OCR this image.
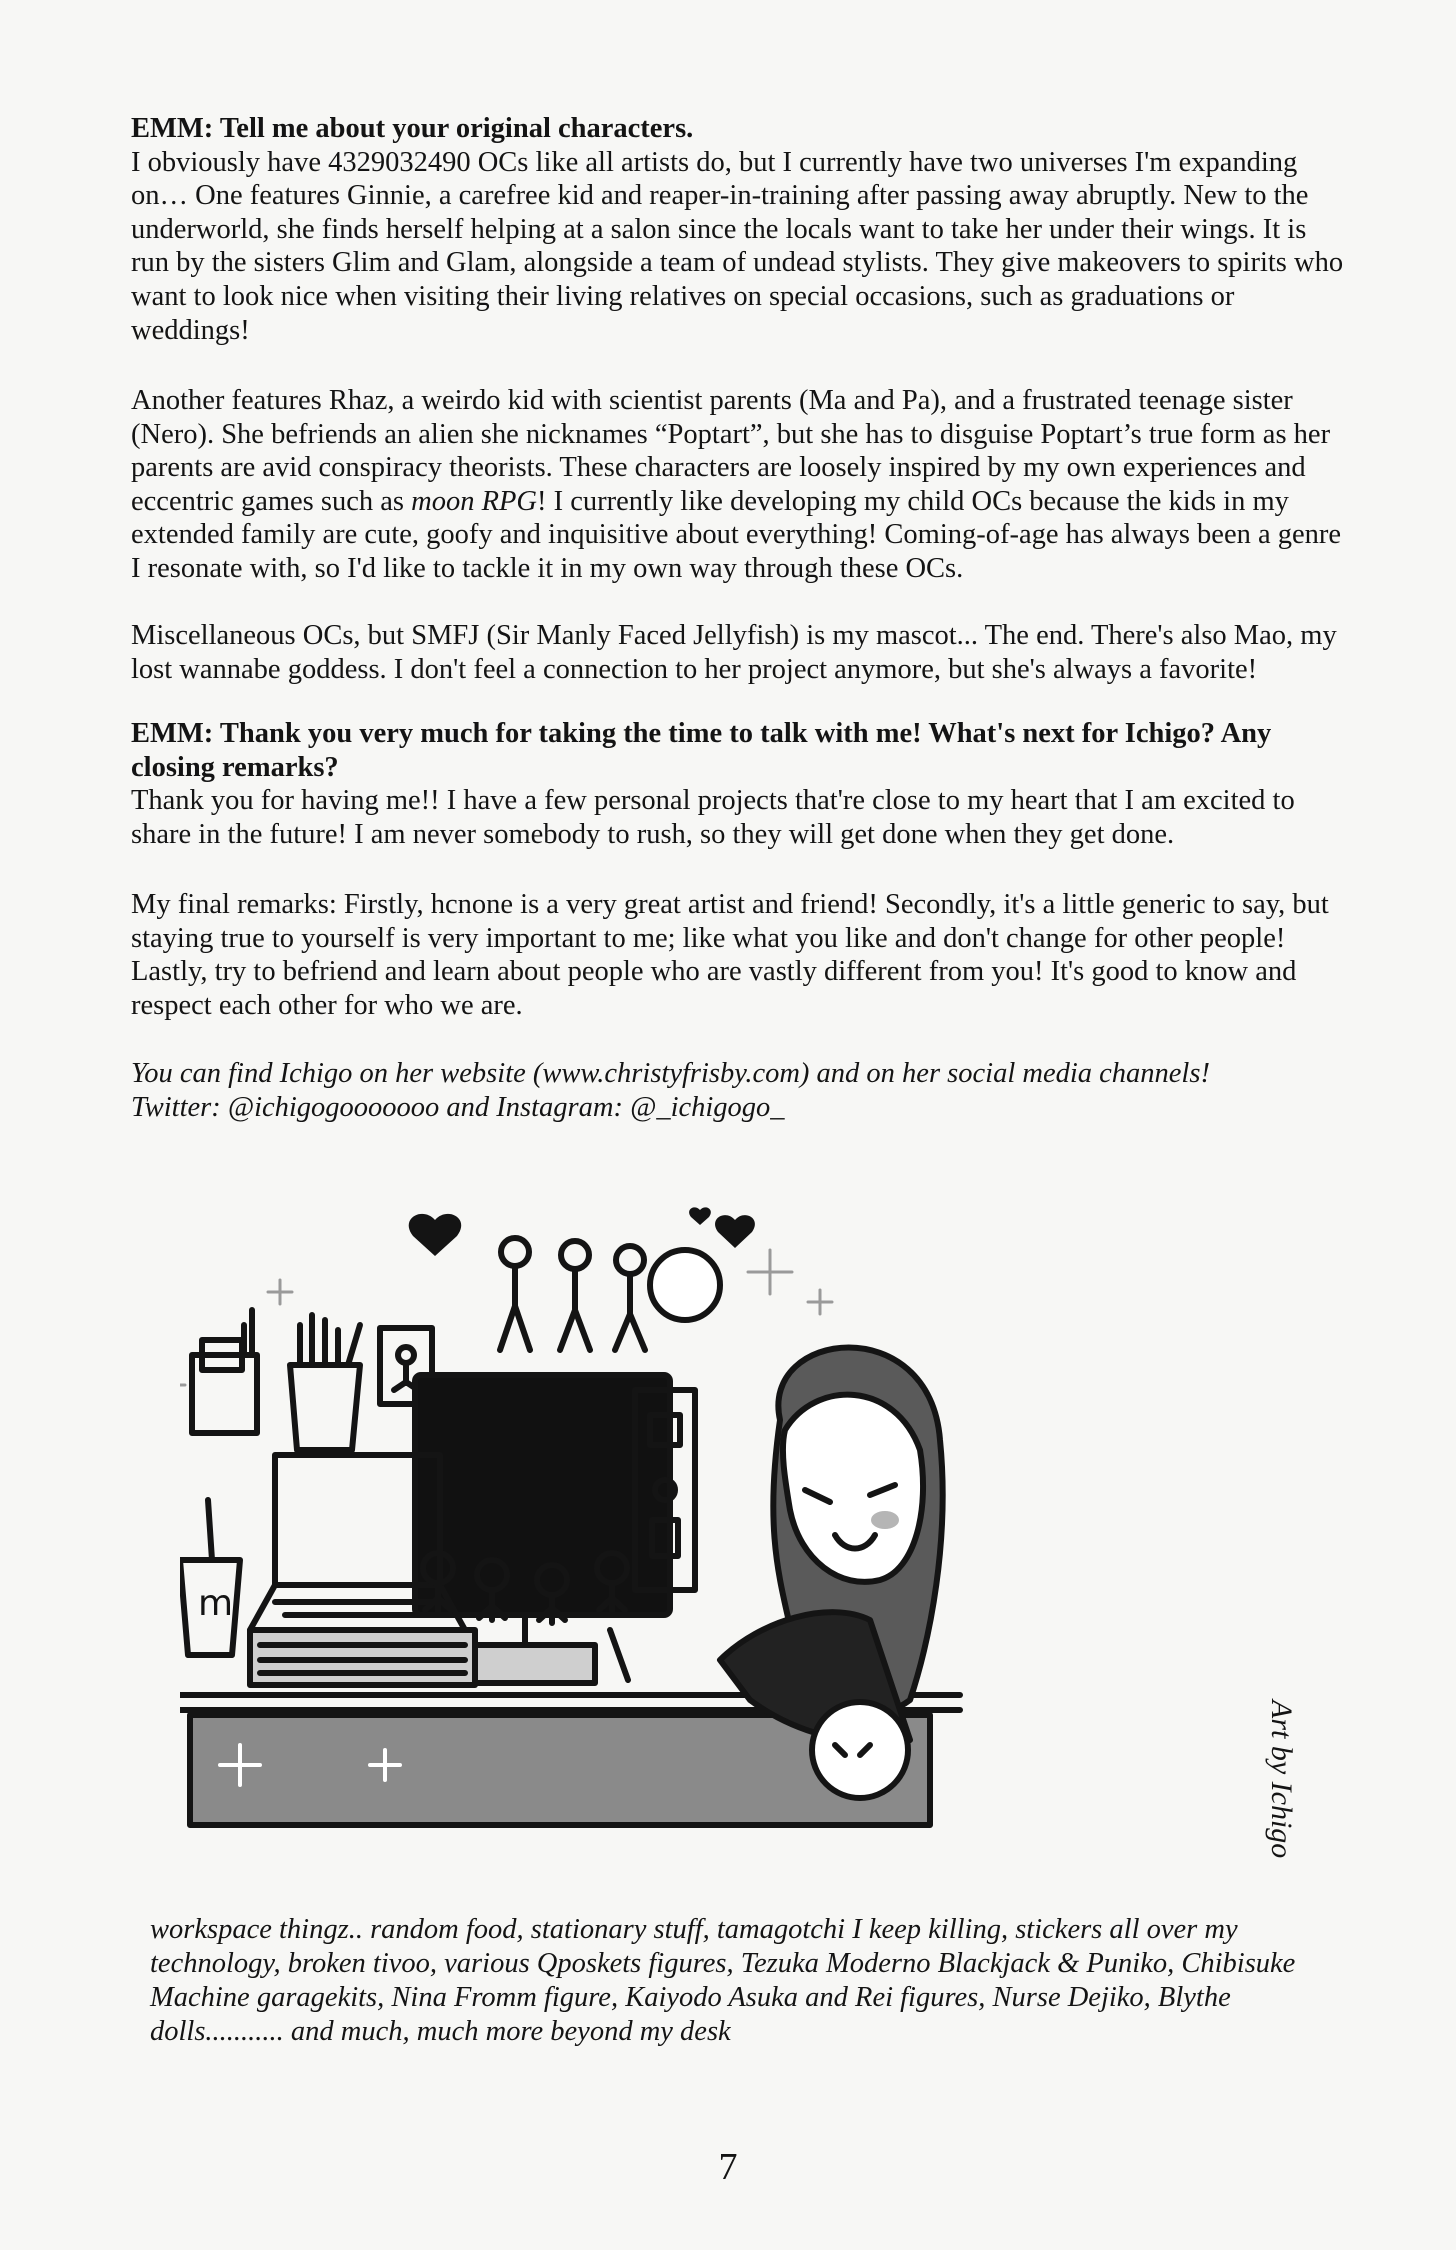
EMM: Tell me about your original characters.

I obviously have 4329032490 OCs like all artists do, but I currently have two universes I'm expanding on… One features Ginnie, a carefree kid and reaper-in-training after passing away abruptly. New to the underworld, she finds herself helping at a salon since the locals want to take her under their wings. It is run by the sisters Glim and Glam, alongside a team of undead stylists. They give makeovers to spirits who want to look nice when visiting their living relatives on special occasions, such as graduations or weddings!

Another features Rhaz, a weirdo kid with scientist parents (Ma and Pa), and a frustrated teenage sister (Nero). She befriends an alien she nicknames “Poptart”, but she has to disguise Poptart’s true form as her parents are avid conspiracy theorists. These characters are loosely inspired by my own experiences and eccentric games such as moon RPG! I currently like developing my child OCs because the kids in my extended family are cute, goofy and inquisitive about everything! Coming-of-age has always been a genre I resonate with, so I'd like to tackle it in my own way through these OCs.

Miscellaneous OCs, but SMFJ (Sir Manly Faced Jellyfish) is my mascot... The end. There's also Mao, my lost wannabe goddess. I don't feel a connection to her project anymore, but she's always a favorite!

EMM: Thank you very much for taking the time to talk with me! What's next for Ichigo? Any closing remarks?

Thank you for having me!! I have a few personal projects that're close to my heart that I am excited to share in the future! I am never somebody to rush, so they will get done when they get done.

My final remarks: Firstly, hcnone is a very great artist and friend! Secondly, it's a little generic to say, but staying true to yourself is very important to me; like what you like and don't change for other people! Lastly, try to befriend and learn about people who are vastly different from you! It's good to know and respect each other for who we are.

You can find Ichigo on her website (www.christyfrisby.com) and on her social media channels!

Twitter: @ichigogooooooo and Instagram: @_ichigogo_

m
Art by Ichigo
workspace thingz.. random food, stationary stuff, tamagotchi I keep killing, stickers all over my technology, broken tivoo, various Qposkets figures, Tezuka Moderno Blackjack & Puniko, Chibisuke Machine garagekits, Nina Fromm figure, Kaiyodo Asuka and Rei figures, Nurse Dejiko, Blythe dolls........... and much, much more beyond my desk
7
